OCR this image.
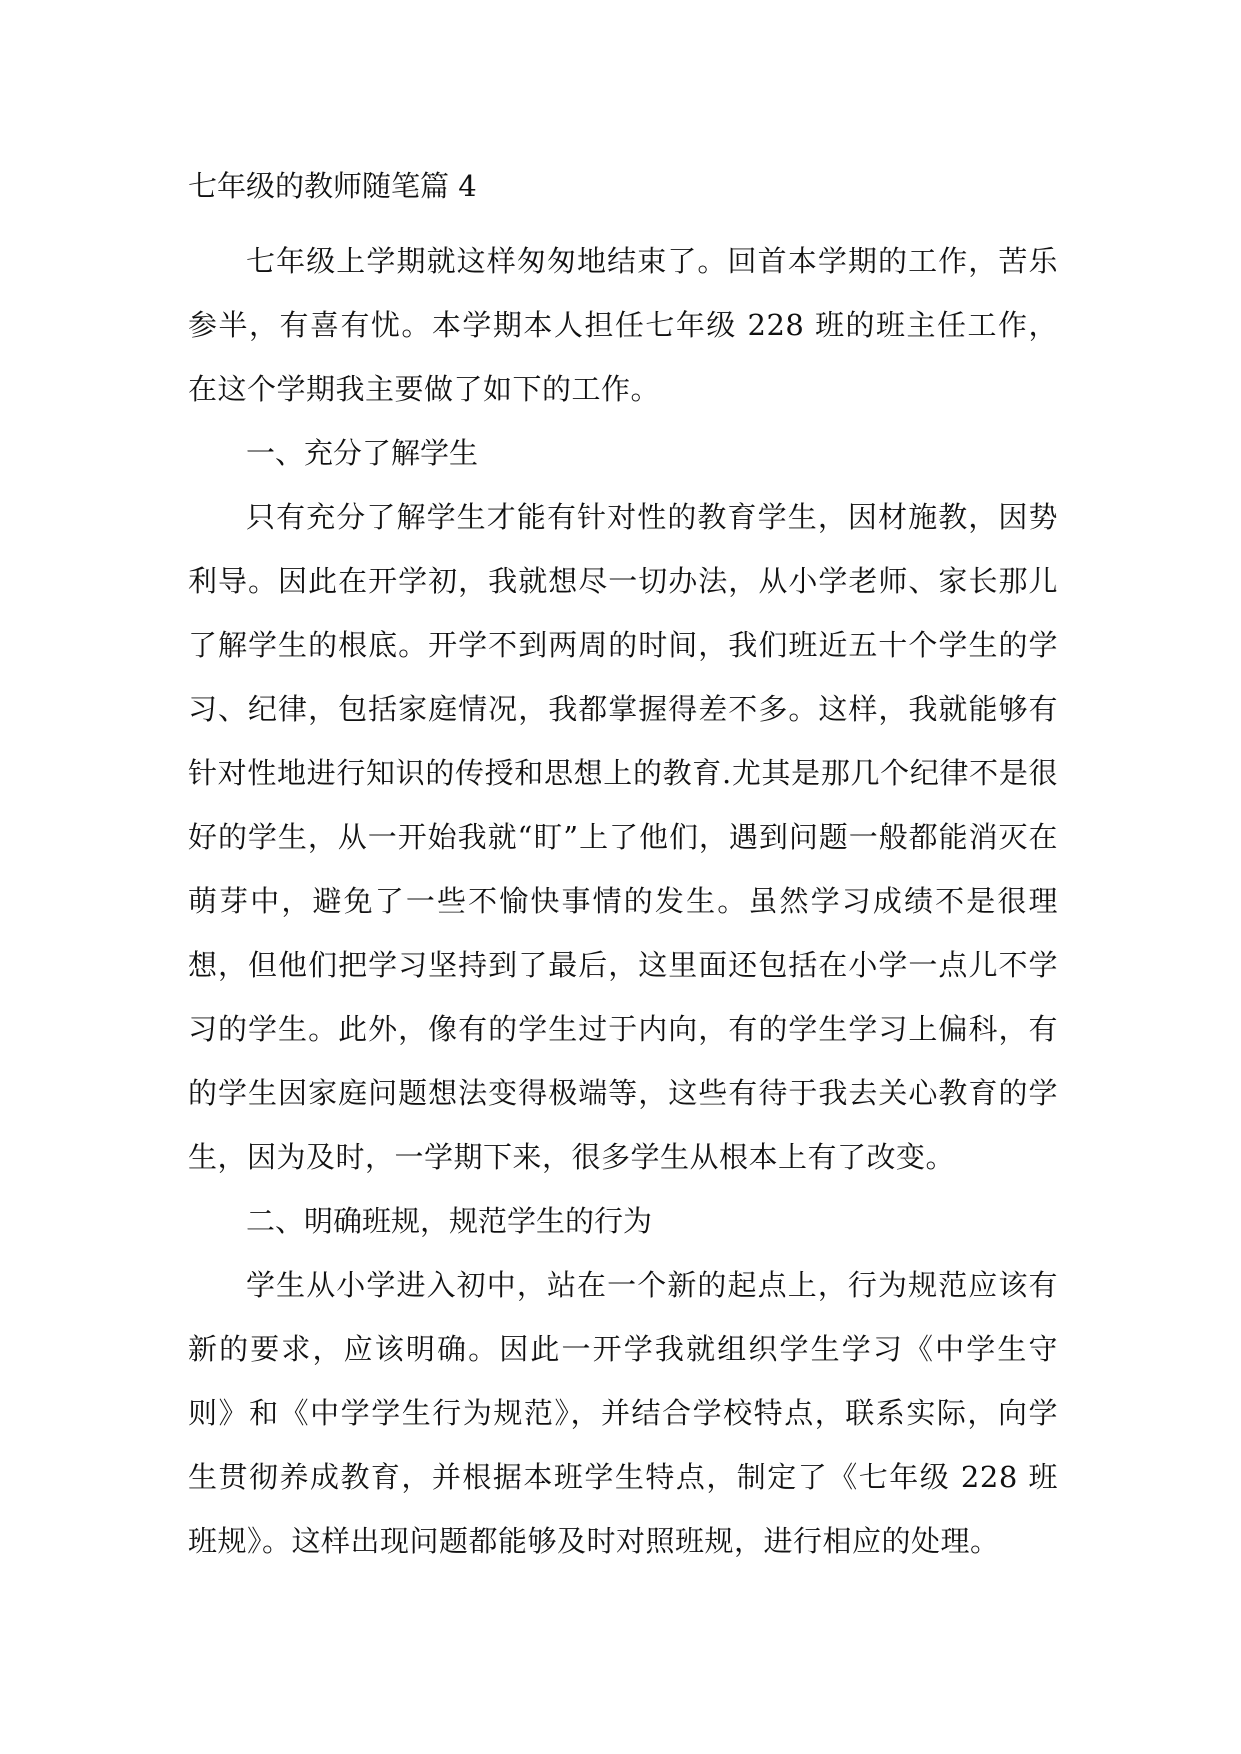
七年级的教师随笔篇 4

七年级上学期就这样匆匆地结束了。回首本学期的工作，苦乐参半，有喜有忧。本学期本人担任七年级 228 班的班主任工作，在这个学期我主要做了如下的工作。

一、充分了解学生

只有充分了解学生才能有针对性的教育学生，因材施教，因势利导。因此在开学初，我就想尽一切办法，从小学老师、家长那儿了解学生的根底。开学不到两周的时间，我们班近五十个学生的学习、纪律，包括家庭情况，我都掌握得差不多。这样，我就能够有针对性地进行知识的传授和思想上的教育.尤其是那几个纪律不是很好的学生，从一开始我就“盯”上了他们，遇到问题一般都能消灭在萌芽中，避免了一些不愉快事情的发生。虽然学习成绩不是很理想，但他们把学习坚持到了最后，这里面还包括在小学一点儿不学习的学生。此外，像有的学生过于内向，有的学生学习上偏科，有的学生因家庭问题想法变得极端等，这些有待于我去关心教育的学生，因为及时，一学期下来，很多学生从根本上有了改变。

二、明确班规，规范学生的行为

学生从小学进入初中，站在一个新的起点上，行为规范应该有新的要求，应该明确。因此一开学我就组织学生学习《中学生守则》和《中学学生行为规范》，并结合学校特点，联系实际，向学生贯彻养成教育，并根据本班学生特点，制定了《七年级 228 班班规》。这样出现问题都能够及时对照班规，进行相应的处理。
